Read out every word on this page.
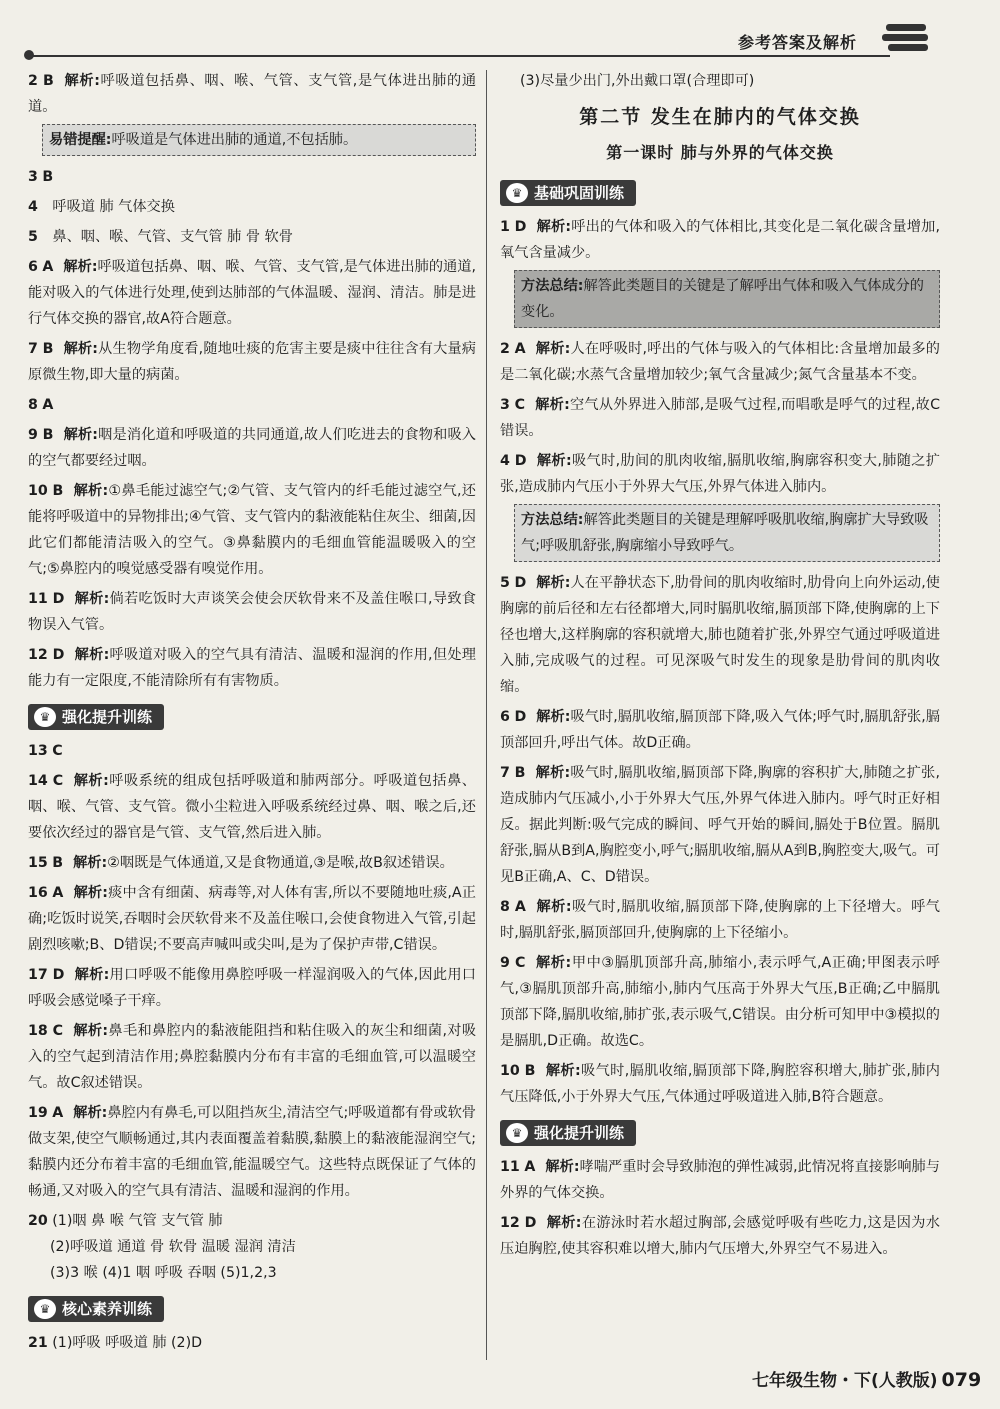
参考答案及解析
2 B 解析:呼吸道包括鼻、咽、喉、气管、支气管,是气体进出肺的通道。
易错提醒:呼吸道是气体进出肺的通道,不包括肺。
3 B
4 呼吸道 肺 气体交换
5 鼻、咽、喉、气管、支气管 肺 骨 软骨
6 A 解析:呼吸道包括鼻、咽、喉、气管、支气管,是气体进出肺的通道,能对吸入的气体进行处理,使到达肺部的气体温暖、湿润、清洁。肺是进行气体交换的器官,故A符合题意。
7 B 解析:从生物学角度看,随地吐痰的危害主要是痰中往往含有大量病原微生物,即大量的病菌。
8 A
9 B 解析:咽是消化道和呼吸道的共同通道,故人们吃进去的食物和吸入的空气都要经过咽。
10 B 解析:①鼻毛能过滤空气;②气管、支气管内的纤毛能过滤空气,还能将呼吸道中的异物排出;④气管、支气管内的黏液能粘住灰尘、细菌,因此它们都能清洁吸入的空气。③鼻黏膜内的毛细血管能温暖吸入的空气;⑤鼻腔内的嗅觉感受器有嗅觉作用。
11 D 解析:倘若吃饭时大声谈笑会使会厌软骨来不及盖住喉口,导致食物误入气管。
12 D 解析:呼吸道对吸入的空气具有清洁、温暖和湿润的作用,但处理能力有一定限度,不能清除所有有害物质。
♛ 强化提升训练
13 C
14 C 解析:呼吸系统的组成包括呼吸道和肺两部分。呼吸道包括鼻、咽、喉、气管、支气管。微小尘粒进入呼吸系统经过鼻、咽、喉之后,还要依次经过的器官是气管、支气管,然后进入肺。
15 B 解析:②咽既是气体通道,又是食物通道,③是喉,故B叙述错误。
16 A 解析:痰中含有细菌、病毒等,对人体有害,所以不要随地吐痰,A正确;吃饭时说笑,吞咽时会厌软骨来不及盖住喉口,会使食物进入气管,引起剧烈咳嗽;B、D错误;不要高声喊叫或尖叫,是为了保护声带,C错误。
17 D 解析:用口呼吸不能像用鼻腔呼吸一样湿润吸入的气体,因此用口呼吸会感觉嗓子干痒。
18 C 解析:鼻毛和鼻腔内的黏液能阻挡和粘住吸入的灰尘和细菌,对吸入的空气起到清洁作用;鼻腔黏膜内分布有丰富的毛细血管,可以温暖空气。故C叙述错误。
19 A 解析:鼻腔内有鼻毛,可以阻挡灰尘,清洁空气;呼吸道都有骨或软骨做支架,使空气顺畅通过,其内表面覆盖着黏膜,黏膜上的黏液能湿润空气;黏膜内还分布着丰富的毛细血管,能温暖空气。这些特点既保证了气体的畅通,又对吸入的空气具有清洁、温暖和湿润的作用。
20 (1)咽 鼻 喉 气管 支气管 肺
(2)呼吸道 通道 骨 软骨 温暖 湿润 清洁
(3)3 喉 (4)1 咽 呼吸 吞咽 (5)1,2,3
♛ 核心素养训练
21 (1)呼吸 呼吸道 肺 (2)D
(3)尽量少出门,外出戴口罩(合理即可)
第二节 发生在肺内的气体交换
第一课时 肺与外界的气体交换
♛ 基础巩固训练
1 D 解析:呼出的气体和吸入的气体相比,其变化是二氧化碳含量增加,氧气含量减少。
方法总结:解答此类题目的关键是了解呼出气体和吸入气体成分的变化。
2 A 解析:人在呼吸时,呼出的气体与吸入的气体相比:含量增加最多的是二氧化碳;水蒸气含量增加较少;氧气含量减少;氮气含量基本不变。
3 C 解析:空气从外界进入肺部,是吸气过程,而唱歌是呼气的过程,故C错误。
4 D 解析:吸气时,肋间的肌肉收缩,膈肌收缩,胸廓容积变大,肺随之扩张,造成肺内气压小于外界大气压,外界气体进入肺内。
方法总结:解答此类题目的关键是理解呼吸肌收缩,胸廓扩大导致吸气;呼吸肌舒张,胸廓缩小导致呼气。
5 D 解析:人在平静状态下,肋骨间的肌肉收缩时,肋骨向上向外运动,使胸廓的前后径和左右径都增大,同时膈肌收缩,膈顶部下降,使胸廓的上下径也增大,这样胸廓的容积就增大,肺也随着扩张,外界空气通过呼吸道进入肺,完成吸气的过程。可见深吸气时发生的现象是肋骨间的肌肉收缩。
6 D 解析:吸气时,膈肌收缩,膈顶部下降,吸入气体;呼气时,膈肌舒张,膈顶部回升,呼出气体。故D正确。
7 B 解析:吸气时,膈肌收缩,膈顶部下降,胸廓的容积扩大,肺随之扩张,造成肺内气压减小,小于外界大气压,外界气体进入肺内。呼气时正好相反。据此判断:吸气完成的瞬间、呼气开始的瞬间,膈处于B位置。膈肌舒张,膈从B到A,胸腔变小,呼气;膈肌收缩,膈从A到B,胸腔变大,吸气。可见B正确,A、C、D错误。
8 A 解析:吸气时,膈肌收缩,膈顶部下降,使胸廓的上下径增大。呼气时,膈肌舒张,膈顶部回升,使胸廓的上下径缩小。
9 C 解析:甲中③膈肌顶部升高,肺缩小,表示呼气,A正确;甲图表示呼气,③膈肌顶部升高,肺缩小,肺内气压高于外界大气压,B正确;乙中膈肌顶部下降,膈肌收缩,肺扩张,表示吸气,C错误。由分析可知甲中③模拟的是膈肌,D正确。故选C。
10 B 解析:吸气时,膈肌收缩,膈顶部下降,胸腔容积增大,肺扩张,肺内气压降低,小于外界大气压,气体通过呼吸道进入肺,B符合题意。
♛ 强化提升训练
11 A 解析:哮喘严重时会导致肺泡的弹性减弱,此情况将直接影响肺与外界的气体交换。
12 D 解析:在游泳时若水超过胸部,会感觉呼吸有些吃力,这是因为水压迫胸腔,使其容积难以增大,肺内气压增大,外界空气不易进入。
七年级生物・下(人教版) 079
